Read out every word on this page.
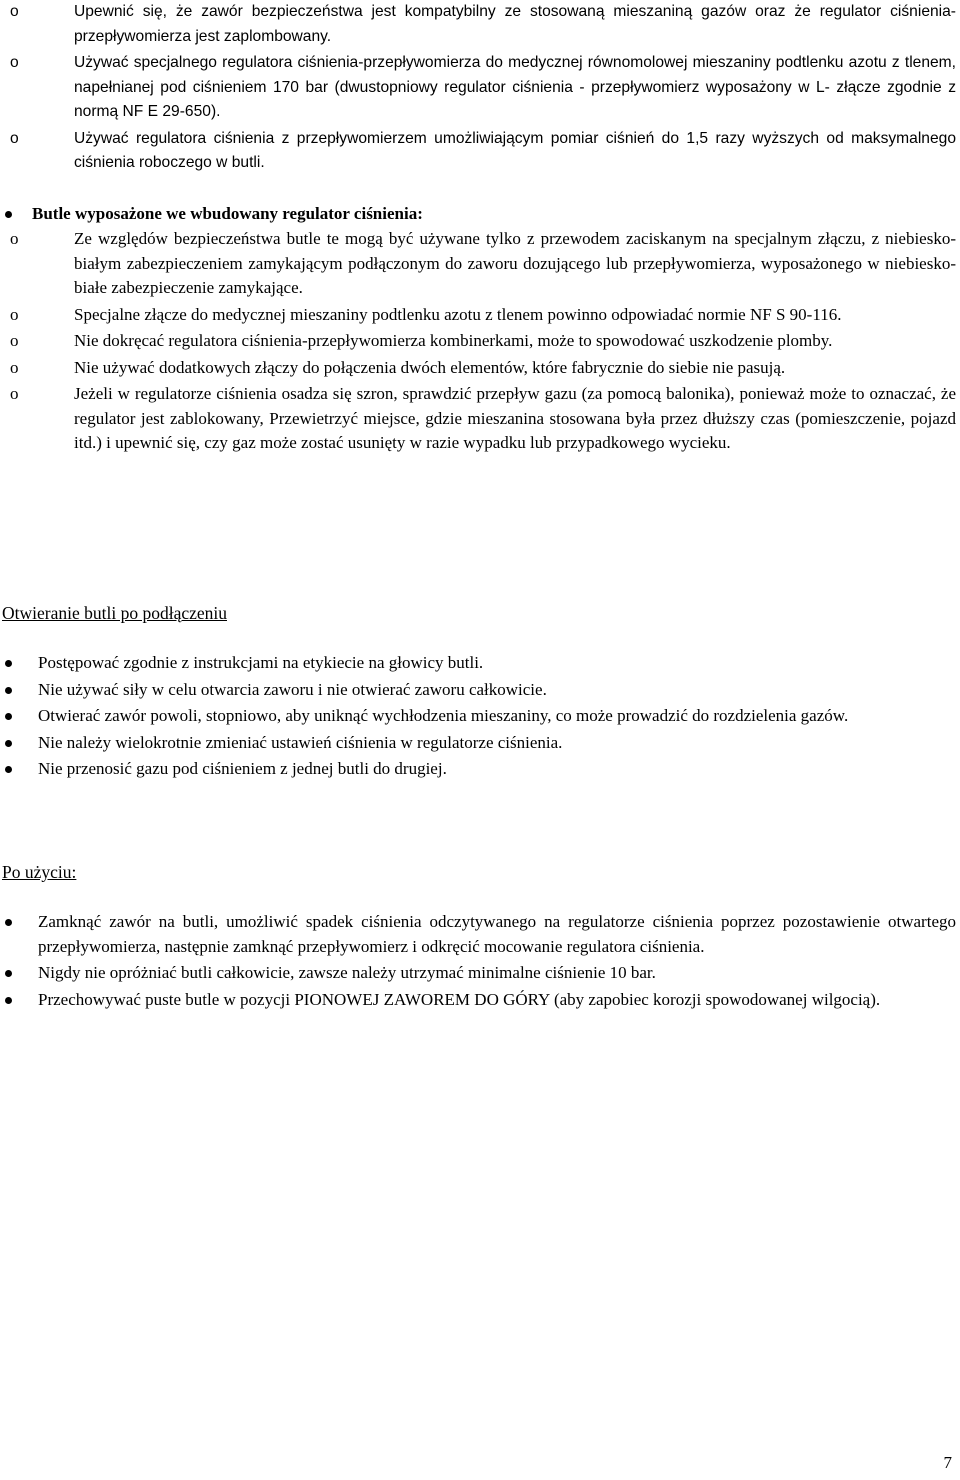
o Upewnić się, że zawór bezpieczeństwa jest kompatybilny ze stosowaną mieszaniną gazów oraz że regulator ciśnienia-przepływomierza jest zaplombowany.
o Używać specjalnego regulatora ciśnienia-przepływomierza do medycznej równomolowej mieszaniny podtlenku azotu z tlenem, napełnianej pod ciśnieniem 170 bar (dwustopniowy regulator ciśnienia - przepływomierz wyposażony w L- złącze zgodnie z normą NF E 29-650).
o Używać regulatora ciśnienia z przepływomierzem umożliwiającym pomiar ciśnień do 1,5 razy wyższych od maksymalnego ciśnienia roboczego w butli.
Butle wyposażone we wbudowany regulator ciśnienia:
o Ze względów bezpieczeństwa butle te mogą być używane tylko z przewodem zaciskanym na specjalnym złączu, z niebiesko-białym zabezpieczeniem zamykającym podłączonym do zaworu dozującego lub przepływomierza, wyposażonego w niebiesko-białe zabezpieczenie zamykające.
o Specjalne złącze do medycznej mieszaniny podtlenku azotu z tlenem powinno odpowiadać normie NF S 90-116.
o Nie dokręcać regulatora ciśnienia-przepływomierza kombinerkami, może to spowodować uszkodzenie plomby.
o Nie używać dodatkowych złączy do połączenia dwóch elementów, które fabrycznie do siebie nie pasują.
o Jeżeli w regulatorze ciśnienia osadza się szron, sprawdzić przepływ gazu (za pomocą balonika), ponieważ może to oznaczać, że regulator jest zablokowany, Przewietrzyć miejsce, gdzie mieszanina stosowana była przez dłuższy czas (pomieszczenie, pojazd itd.) i upewnić się, czy gaz może zostać usunięty w razie wypadku lub przypadkowego wycieku.
Otwieranie butli po podłączeniu
Postępować zgodnie z instrukcjami na etykiecie na głowicy butli.
Nie używać siły w celu otwarcia zaworu i nie otwierać zaworu całkowicie.
Otwierać zawór powoli, stopniowo, aby uniknąć wychłodzenia mieszaniny, co może prowadzić do rozdzielenia gazów.
Nie należy wielokrotnie zmieniać ustawień ciśnienia w regulatorze ciśnienia.
Nie przenosić gazu pod ciśnieniem z jednej butli do drugiej.
Po użyciu:
Zamknąć zawór na butli, umożliwić spadek ciśnienia odczytywanego na regulatorze ciśnienia poprzez pozostawienie otwartego przepływomierza, następnie zamknąć przepływomierz i odkręcić mocowanie regulatora ciśnienia.
Nigdy nie opróżniać butli całkowicie, zawsze należy utrzymać minimalne ciśnienie 10 bar.
Przechowywać puste butle w pozycji PIONOWEJ ZAWOREM DO GÓRY (aby zapobiec korozji spowodowanej wilgocią).
7
